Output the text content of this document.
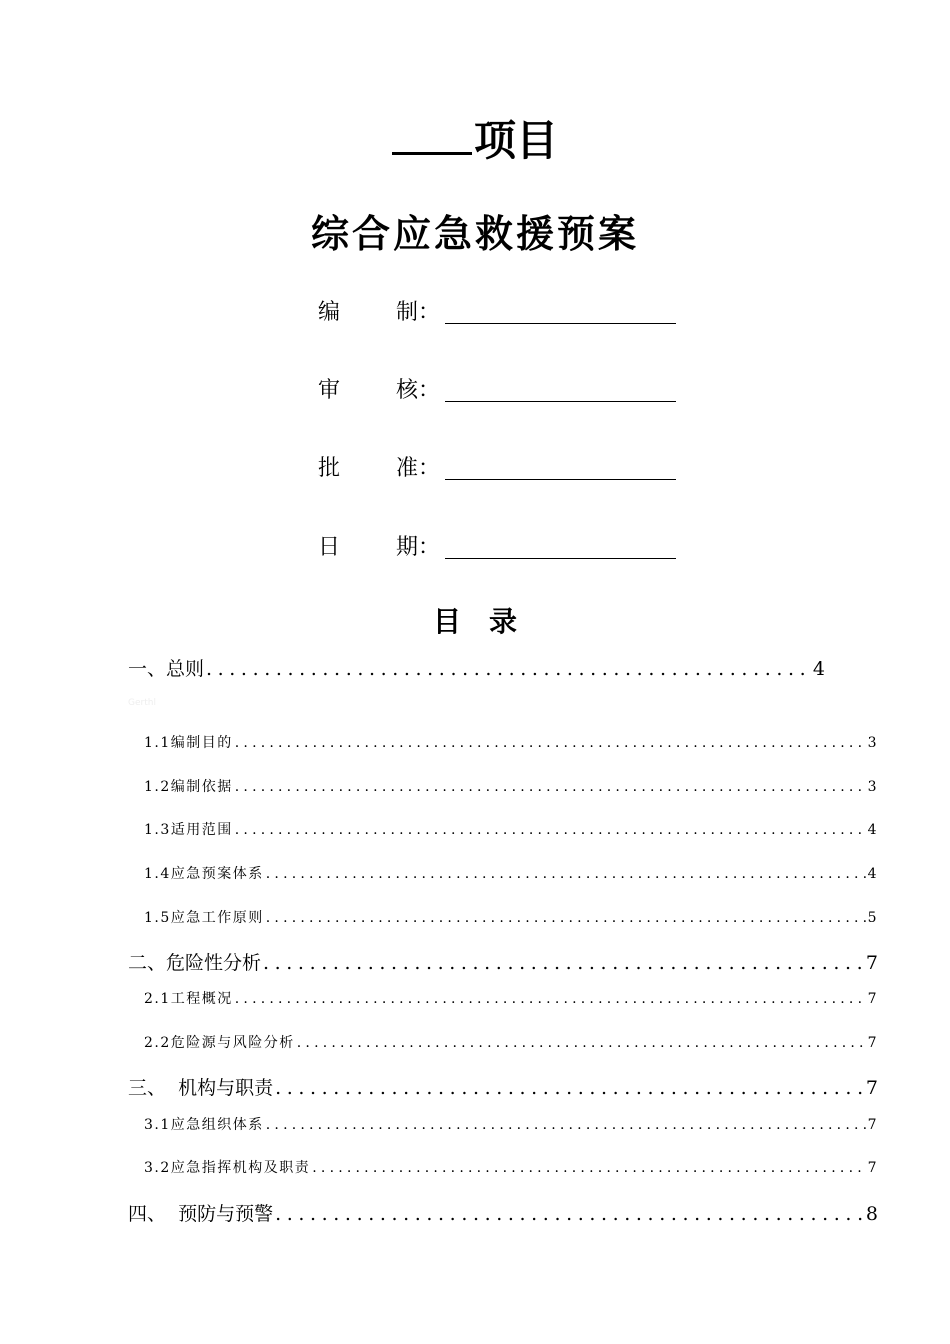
项目
综合应急救援预案
编	制：
审	核：
批	准：
日	期：
目 录
Gerthl
一、总则 .....	4
1.1编制目的 .....	3
1.2编制依据 .....	3
1.3适用范围 .....	4
1.4应急预案体系 .....	4
1.5应急工作原则 .....	5
二、危险性分析 .....	7
2.1工程概况 .....	7
2.2危险源与风险分析 .....	7
三、  机构与职责 .....	7
3.1应急组织体系 .....	7
3.2应急指挥机构及职责 .....	7
四、  预防与预警 .....	8
